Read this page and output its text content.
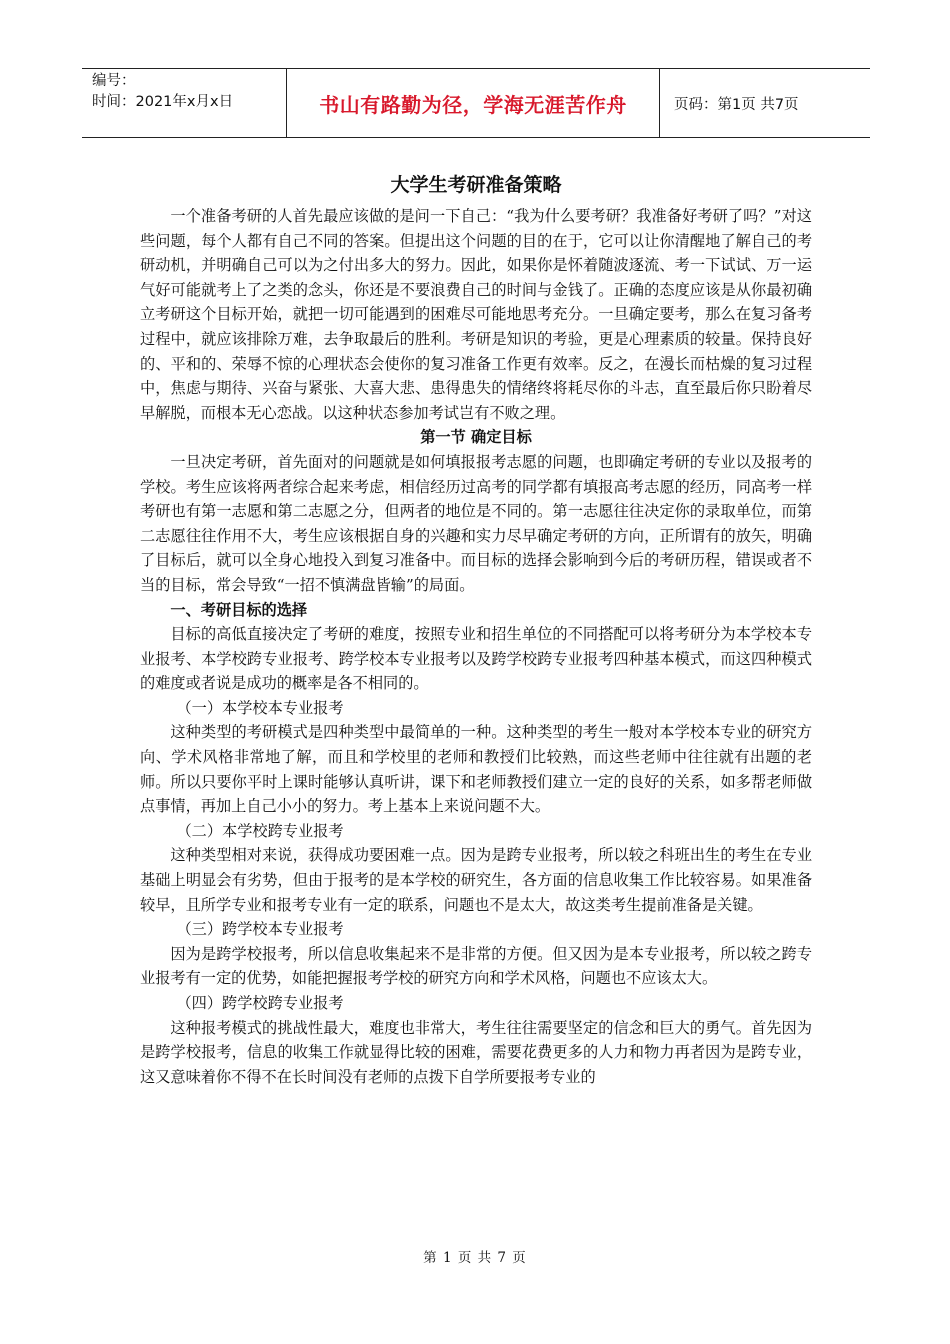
编号：
时间：2021年x月x日	书山有路勤为径，学海无涯苦作舟	页码：第1页 共7页
大学生考研准备策略

一个准备考研的人首先最应该做的是问一下自己：“我为什么要考研？我准备好考研了吗？”对这些问题，每个人都有自己不同的答案。但提出这个问题的目的在于，它可以让你清醒地了解自己的考研动机，并明确自己可以为之付出多大的努力。因此，如果你是怀着随波逐流、考一下试试、万一运气好可能就考上了之类的念头，你还是不要浪费自己的时间与金钱了。正确的态度应该是从你最初确立考研这个目标开始，就把一切可能遇到的困难尽可能地思考充分。一旦确定要考，那么在复习备考过程中，就应该排除万难，去争取最后的胜利。考研是知识的考验，更是心理素质的较量。保持良好的、平和的、荣辱不惊的心理状态会使你的复习准备工作更有效率。反之，在漫长而枯燥的复习过程中，焦虑与期待、兴奋与紧张、大喜大悲、患得患失的情绪终将耗尽你的斗志，直至最后你只盼着尽早解脱，而根本无心恋战。以这种状态参加考试岂有不败之理。

第一节 确定目标

一旦决定考研，首先面对的问题就是如何填报报考志愿的问题，也即确定考研的专业以及报考的学校。考生应该将两者综合起来考虑，相信经历过高考的同学都有填报高考志愿的经历，同高考一样考研也有第一志愿和第二志愿之分，但两者的地位是不同的。第一志愿往往决定你的录取单位，而第二志愿往往作用不大，考生应该根据自身的兴趣和实力尽早确定考研的方向，正所谓有的放矢，明确了目标后，就可以全身心地投入到复习准备中。而目标的选择会影响到今后的考研历程，错误或者不当的目标，常会导致“一招不慎满盘皆输”的局面。

一、考研目标的选择

目标的高低直接决定了考研的难度，按照专业和招生单位的不同搭配可以将考研分为本学校本专业报考、本学校跨专业报考、跨学校本专业报考以及跨学校跨专业报考四种基本模式，而这四种模式的难度或者说是成功的概率是各不相同的。

（一）本学校本专业报考

这种类型的考研模式是四种类型中最简单的一种。这种类型的考生一般对本学校本专业的研究方向、学术风格非常地了解，而且和学校里的老师和教授们比较熟，而这些老师中往往就有出题的老师。所以只要你平时上课时能够认真听讲，课下和老师教授们建立一定的良好的关系，如多帮老师做点事情，再加上自己小小的努力。考上基本上来说问题不大。

（二）本学校跨专业报考

这种类型相对来说，获得成功要困难一点。因为是跨专业报考，所以较之科班出生的考生在专业基础上明显会有劣势，但由于报考的是本学校的研究生，各方面的信息收集工作比较容易。如果准备较早，且所学专业和报考专业有一定的联系，问题也不是太大，故这类考生提前准备是关键。

（三）跨学校本专业报考

因为是跨学校报考，所以信息收集起来不是非常的方便。但又因为是本专业报考，所以较之跨专业报考有一定的优势，如能把握报考学校的研究方向和学术风格，问题也不应该太大。

（四）跨学校跨专业报考

这种报考模式的挑战性最大，难度也非常大，考生往往需要坚定的信念和巨大的勇气。首先因为是跨学校报考，信息的收集工作就显得比较的困难，需要花费更多的人力和物力再者因为是跨专业，这又意味着你不得不在长时间没有老师的点拨下自学所要报考专业的

第 1 页 共 7 页
